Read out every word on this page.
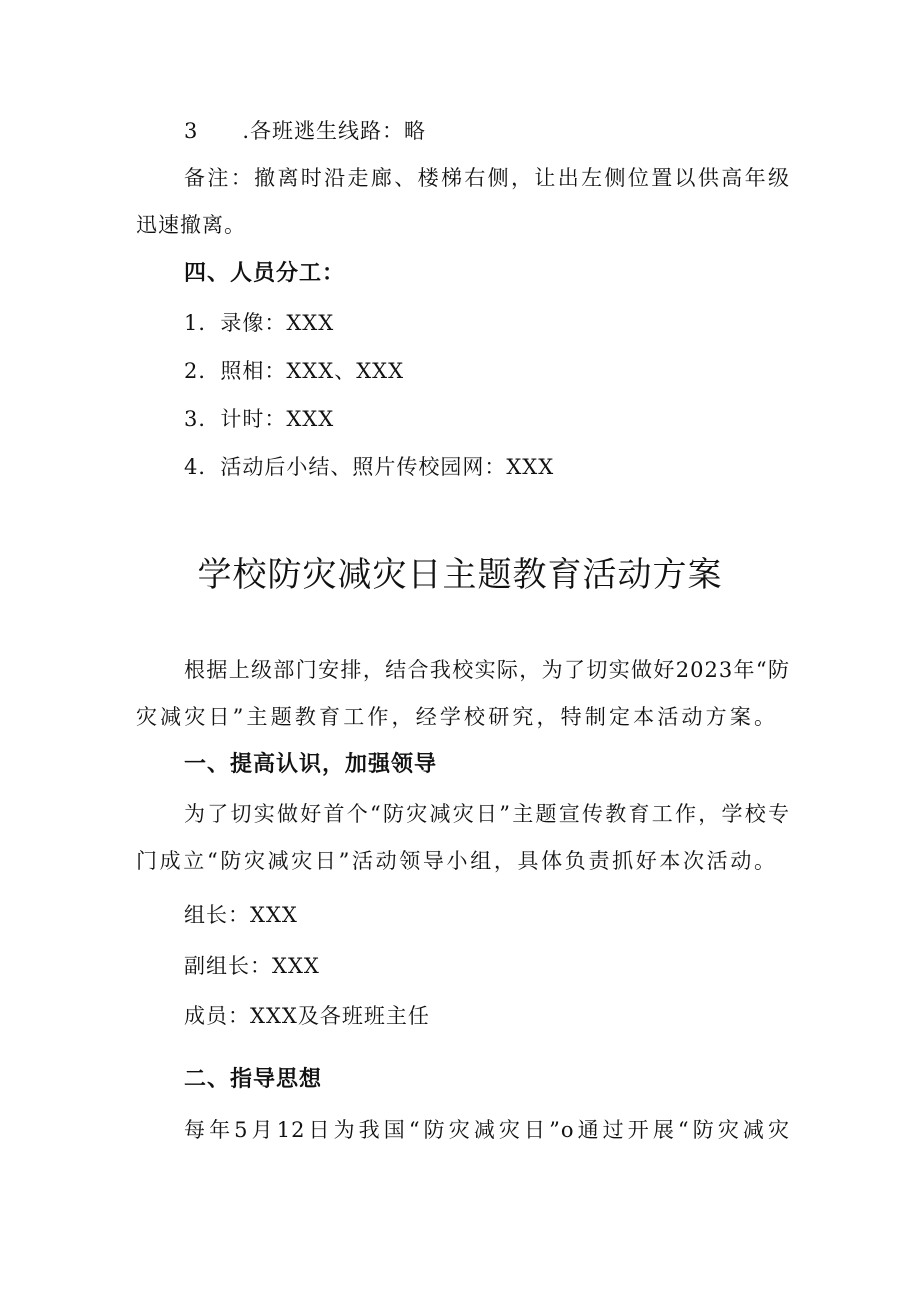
3　　.各班逃生线路：略
备注：撤离时沿走廊、楼梯右侧，让出左侧位置以供高年级
迅速撤离。
四、人员分工：
1．录像：XXX
2．照相：XXX、XXX
3．计时：XXX
4．活动后小结、照片传校园网：XXX
学校防灾减灾日主题教育活动方案
根据上级部门安排，结合我校实际，为了切实做好2023年“防
灾减灾日”主题教育工作，经学校研究，特制定本活动方案。
一、提高认识，加强领导
为了切实做好首个“防灾减灾日”主题宣传教育工作，学校专
门成立“防灾减灾日”活动领导小组，具体负责抓好本次活动。
组长：XXX
副组长：XXX
成员：XXX及各班班主任
二、指导思想
每年5月12日为我国“防灾减灾日”o通过开展“防灾减灾
